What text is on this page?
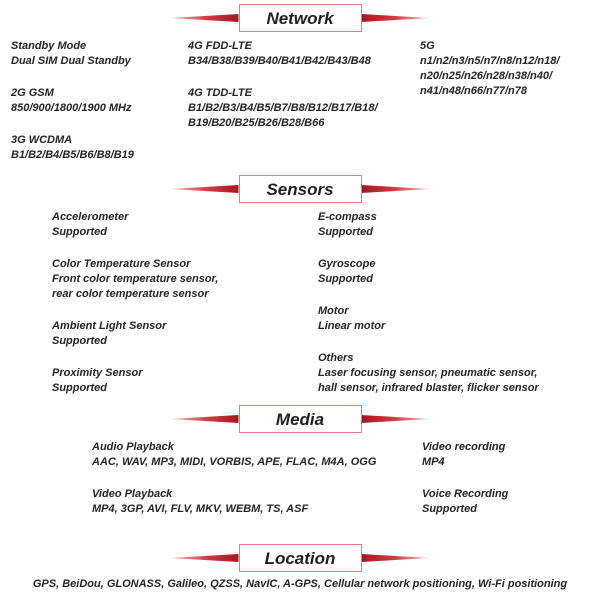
Network
Standby Mode
Dual SIM Dual Standby
2G GSM
850/900/1800/1900 MHz
3G WCDMA
B1/B2/B4/B5/B6/B8/B19
4G FDD-LTE
B34/B38/B39/B40/B41/B42/B43/B48
4G TDD-LTE
B1/B2/B3/B4/B5/B7/B8/B12/B17/B18/
B19/B20/B25/B26/B28/B66
5G
n1/n2/n3/n5/n7/n8/n12/n18/
n20/n25/n26/n28/n38/n40/
n41/n48/n66/n77/n78
Sensors
Accelerometer
Supported
Color Temperature Sensor
Front color temperature sensor,
rear color temperature sensor
Ambient Light Sensor
Supported
Proximity Sensor
Supported
E-compass
Supported
Gyroscope
Supported
Motor
Linear motor
Others
Laser focusing sensor, pneumatic sensor,
hall sensor, infrared blaster, flicker sensor
Media
Audio Playback
AAC, WAV, MP3, MIDI, VORBIS, APE, FLAC, M4A, OGG
Video Playback
MP4, 3GP, AVI, FLV, MKV, WEBM, TS, ASF
Video recording
MP4
Voice Recording
Supported
Location
GPS, BeiDou, GLONASS, Galileo, QZSS, NavIC, A-GPS, Cellular network positioning, Wi-Fi positioning
